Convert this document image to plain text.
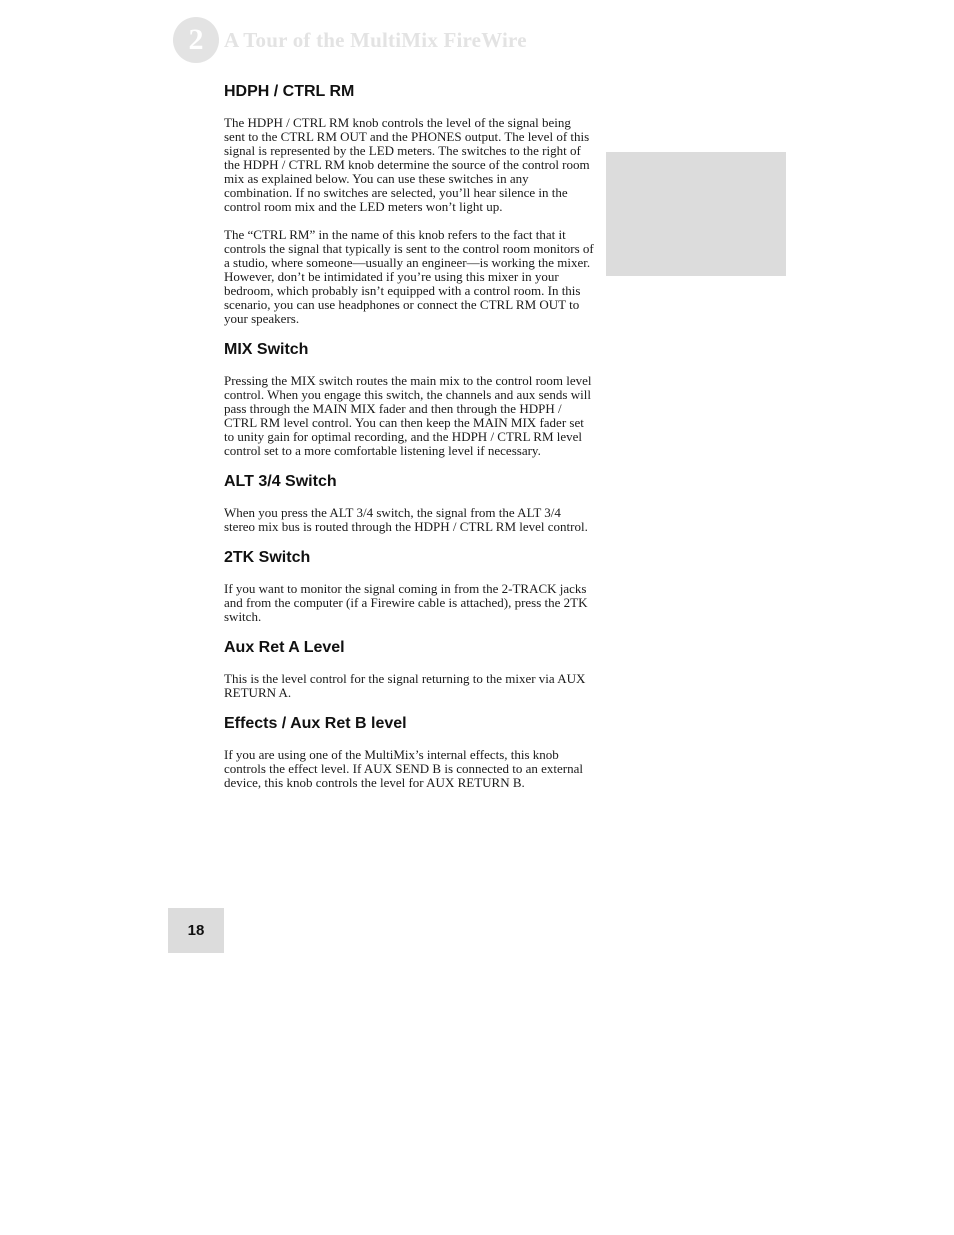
2 A Tour of the MultiMix FireWire
HDPH / CTRL RM

The HDPH / CTRL RM knob controls the level of the signal being sent to the CTRL RM OUT and the PHONES output. The level of this signal is represented by the LED meters. The switches to the right of the HDPH / CTRL RM knob determine the source of the control room mix as explained below. You can use these switches in any combination. If no switches are selected, you’ll hear silence in the control room mix and the LED meters won’t light up.

The “CTRL RM” in the name of this knob refers to the fact that it controls the signal that typically is sent to the control room monitors of a studio, where someone—usually an engineer—is working the mixer. However, don’t be intimidated if you’re using this mixer in your bedroom, which probably isn’t equipped with a control room. In this scenario, you can use headphones or connect the CTRL RM OUT to your speakers.

MIX Switch

Pressing the MIX switch routes the main mix to the control room level control. When you engage this switch, the channels and aux sends will pass through the MAIN MIX fader and then through the HDPH / CTRL RM level control. You can then keep the MAIN MIX fader set to unity gain for optimal recording, and the HDPH / CTRL RM level control set to a more comfortable listening level if necessary.

ALT 3/4 Switch

When you press the ALT 3/4 switch, the signal from the ALT 3/4 stereo mix bus is routed through the HDPH / CTRL RM level control.

2TK Switch

If you want to monitor the signal coming in from the 2-TRACK jacks and from the computer (if a Firewire cable is attached), press the 2TK switch.

Aux Ret A Level

This is the level control for the signal returning to the mixer via AUX RETURN A.

Effects / Aux Ret B level

If you are using one of the MultiMix’s internal effects, this knob controls the effect level. If AUX SEND B is connected to an external device, this knob controls the level for AUX RETURN B.

18
